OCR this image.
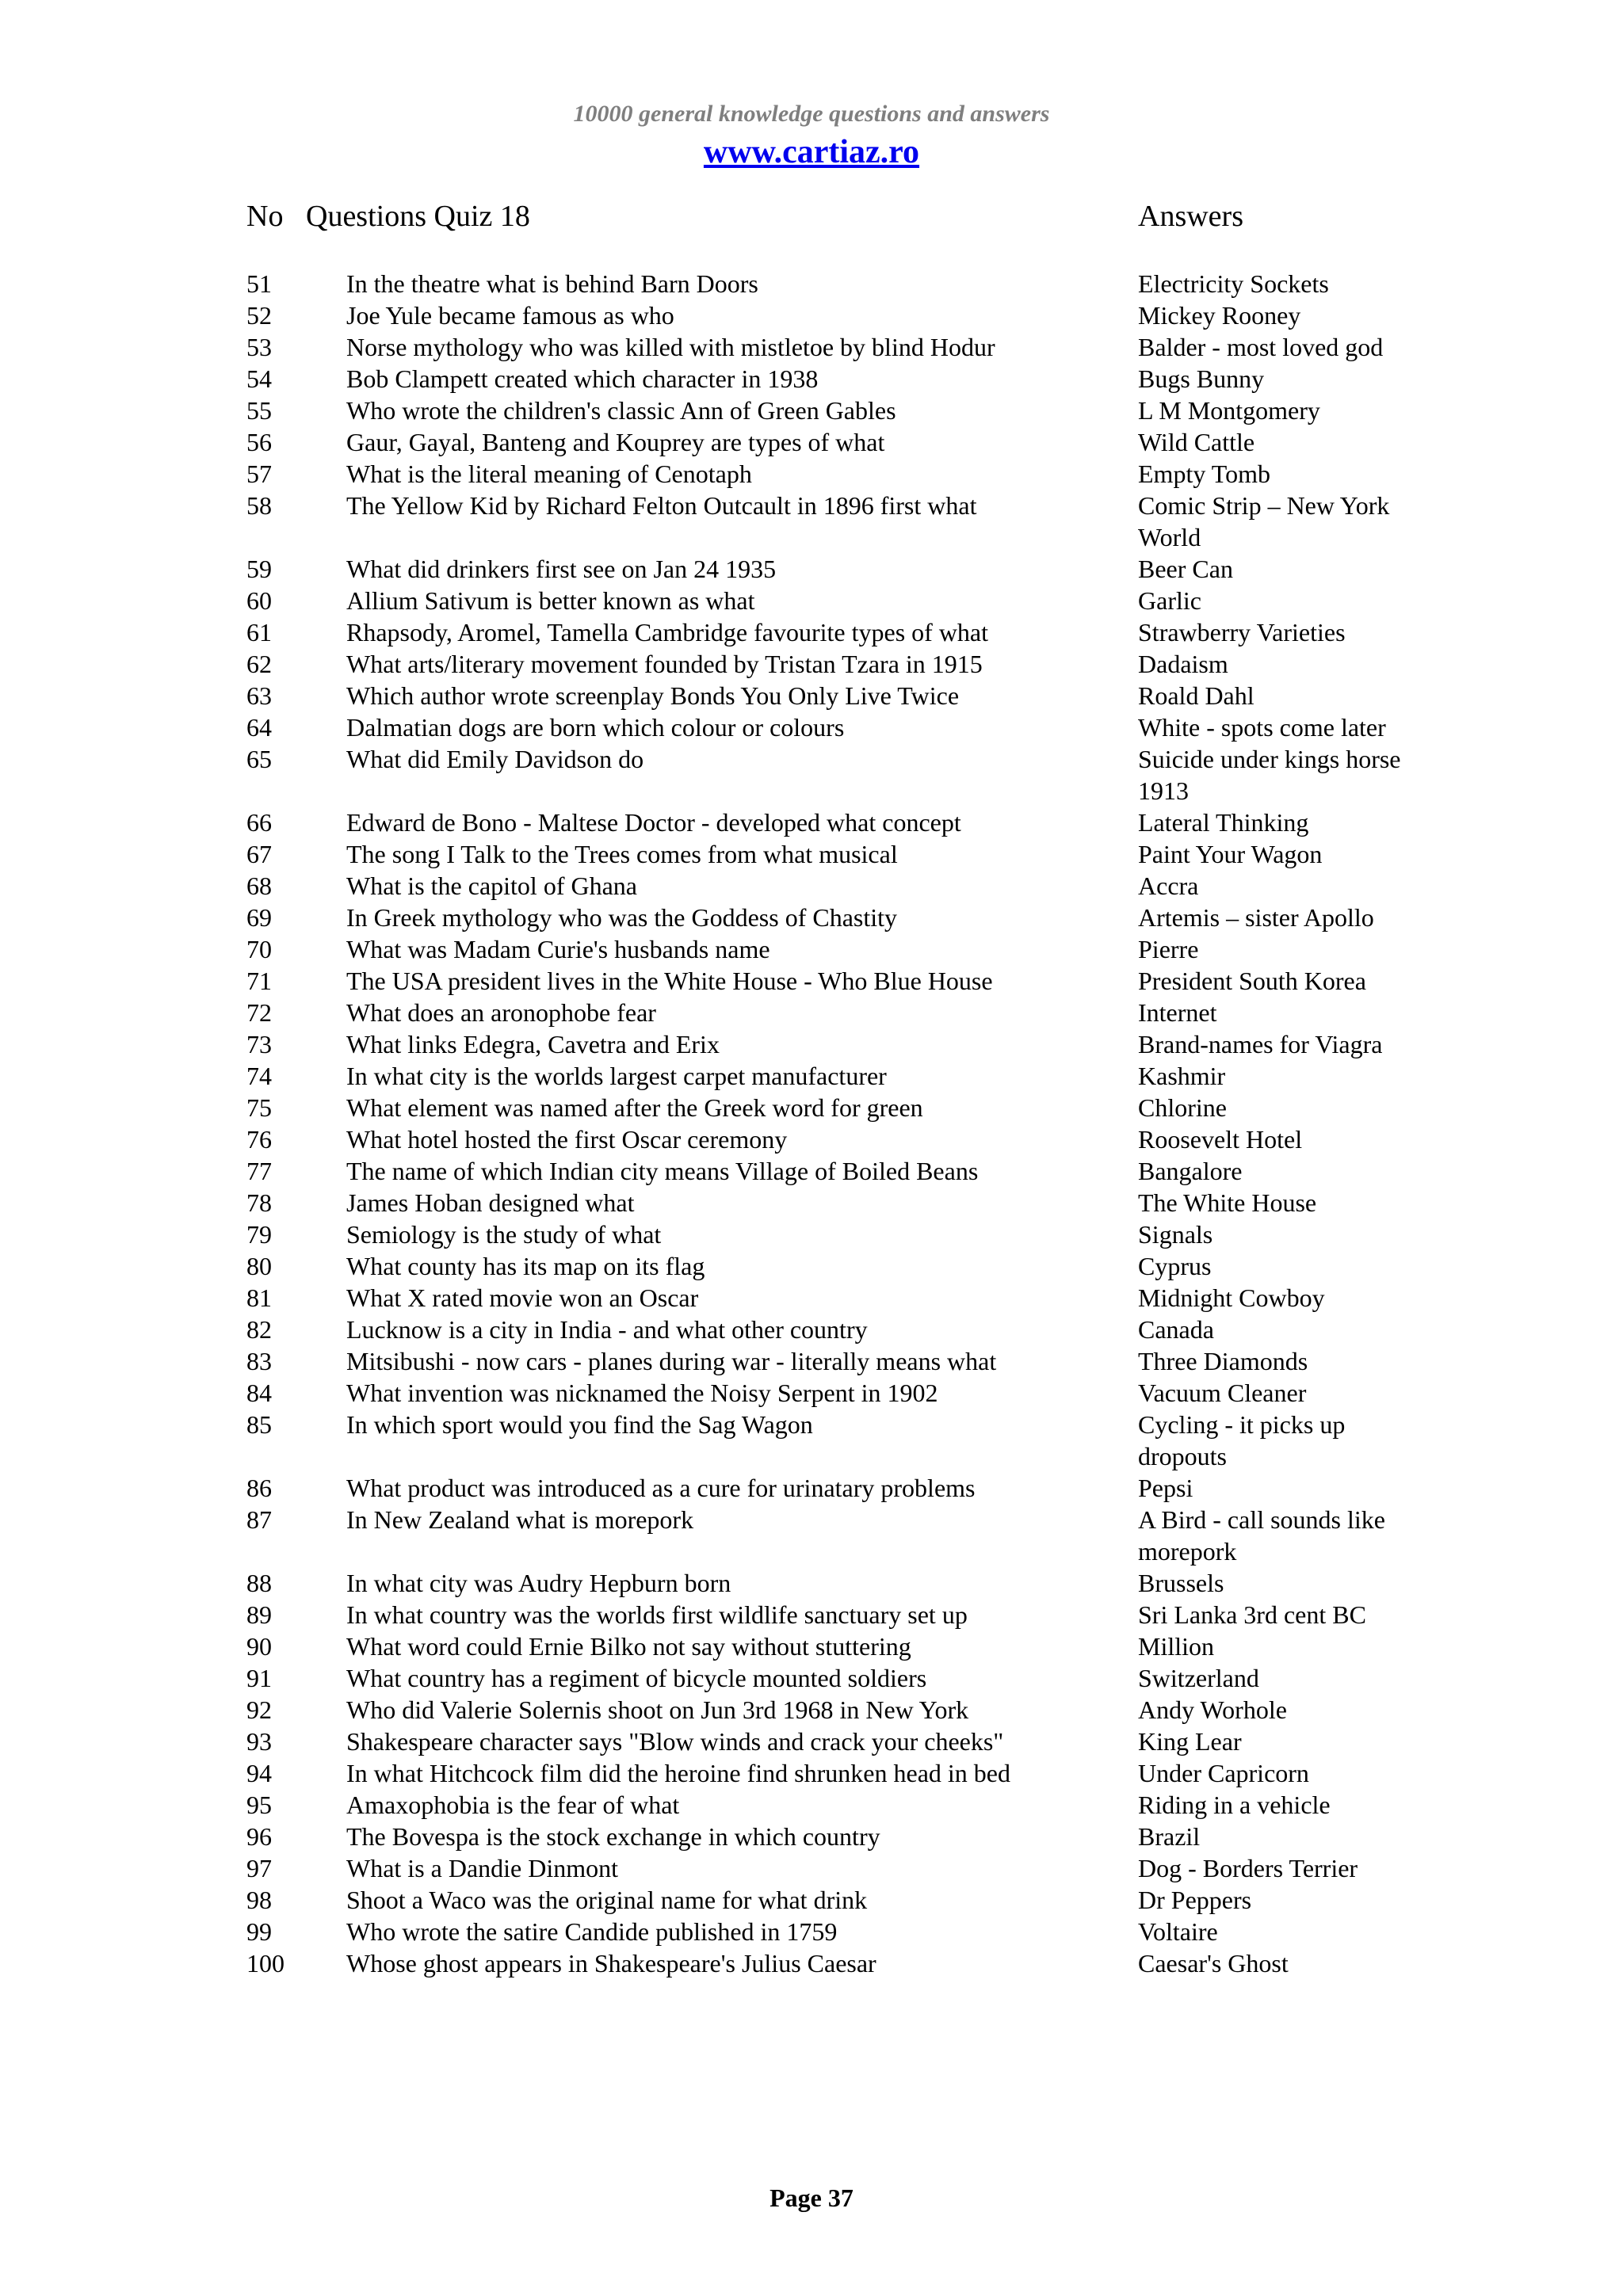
10000 general knowledge questions and answers
www.cartiaz.ro
No Questions Quiz 18	Answers
51	In the theatre what is behind Barn Doors	Electricity Sockets
52	Joe Yule became famous as who	Mickey Rooney
53	Norse mythology who was killed with mistletoe by blind Hodur	Balder - most loved god
54	Bob Clampett created which character in 1938	Bugs Bunny
55	Who wrote the children's classic Ann of Green Gables	L M Montgomery
56	Gaur, Gayal, Banteng and Kouprey are types of what	Wild Cattle
57	What is the literal meaning of Cenotaph	Empty Tomb
58	The Yellow Kid by Richard Felton Outcault in 1896 first what	Comic Strip – New York World
59	What did drinkers first see on Jan 24 1935	Beer Can
60	Allium Sativum is better known as what	Garlic
61	Rhapsody, Aromel, Tamella Cambridge favourite types of what	Strawberry Varieties
62	What arts/literary movement founded by Tristan Tzara in 1915	Dadaism
63	Which author wrote screenplay Bonds You Only Live Twice	Roald Dahl
64	Dalmatian dogs are born which colour or colours	White - spots come later
65	What did Emily Davidson do	Suicide under kings horse 1913
66	Edward de Bono - Maltese Doctor - developed what concept	Lateral Thinking
67	The song I Talk to the Trees comes from what musical	Paint Your Wagon
68	What is the capitol of Ghana	Accra
69	In Greek mythology who was the Goddess of Chastity	Artemis – sister Apollo
70	What was Madam Curie's husbands name	Pierre
71	The USA president lives in the White House - Who Blue House	President South Korea
72	What does an aronophobe fear	Internet
73	What links Edegra, Cavetra and Erix	Brand-names for Viagra
74	In what city is the worlds largest carpet manufacturer	Kashmir
75	What element was named after the Greek word for green	Chlorine
76	What hotel hosted the first Oscar ceremony	Roosevelt Hotel
77	The name of which Indian city means Village of Boiled Beans	Bangalore
78	James Hoban designed what	The White House
79	Semiology is the study of what	Signals
80	What county has its map on its flag	Cyprus
81	What X rated movie won an Oscar	Midnight Cowboy
82	Lucknow is a city in India - and what other country	Canada
83	Mitsibushi - now cars - planes during war - literally means what	Three Diamonds
84	What invention was nicknamed the Noisy Serpent in 1902	Vacuum Cleaner
85	In which sport would you find the Sag Wagon	Cycling - it picks up dropouts
86	What product was introduced as a cure for urinatary problems	Pepsi
87	In New Zealand what is morepork	A Bird - call sounds like morepork
88	In what city was Audry Hepburn born	Brussels
89	In what country was the worlds first wildlife sanctuary set up	Sri Lanka 3rd cent BC
90	What word could Ernie Bilko not say without stuttering	Million
91	What country has a regiment of bicycle mounted soldiers	Switzerland
92	Who did Valerie Solernis shoot on Jun 3rd 1968 in New York	Andy Worhole
93	Shakespeare character says "Blow winds and crack your cheeks"	King Lear
94	In what Hitchcock film did the heroine find shrunken head in bed	Under Capricorn
95	Amaxophobia is the fear of what	Riding in a vehicle
96	The Bovespa is the stock exchange in which country	Brazil
97	What is a Dandie Dinmont	Dog - Borders Terrier
98	Shoot a Waco was the original name for what drink	Dr Peppers
99	Who wrote the satire Candide published in 1759	Voltaire
100 Whose ghost appears in Shakespeare's Julius Caesar	Caesar's Ghost
Page 37
